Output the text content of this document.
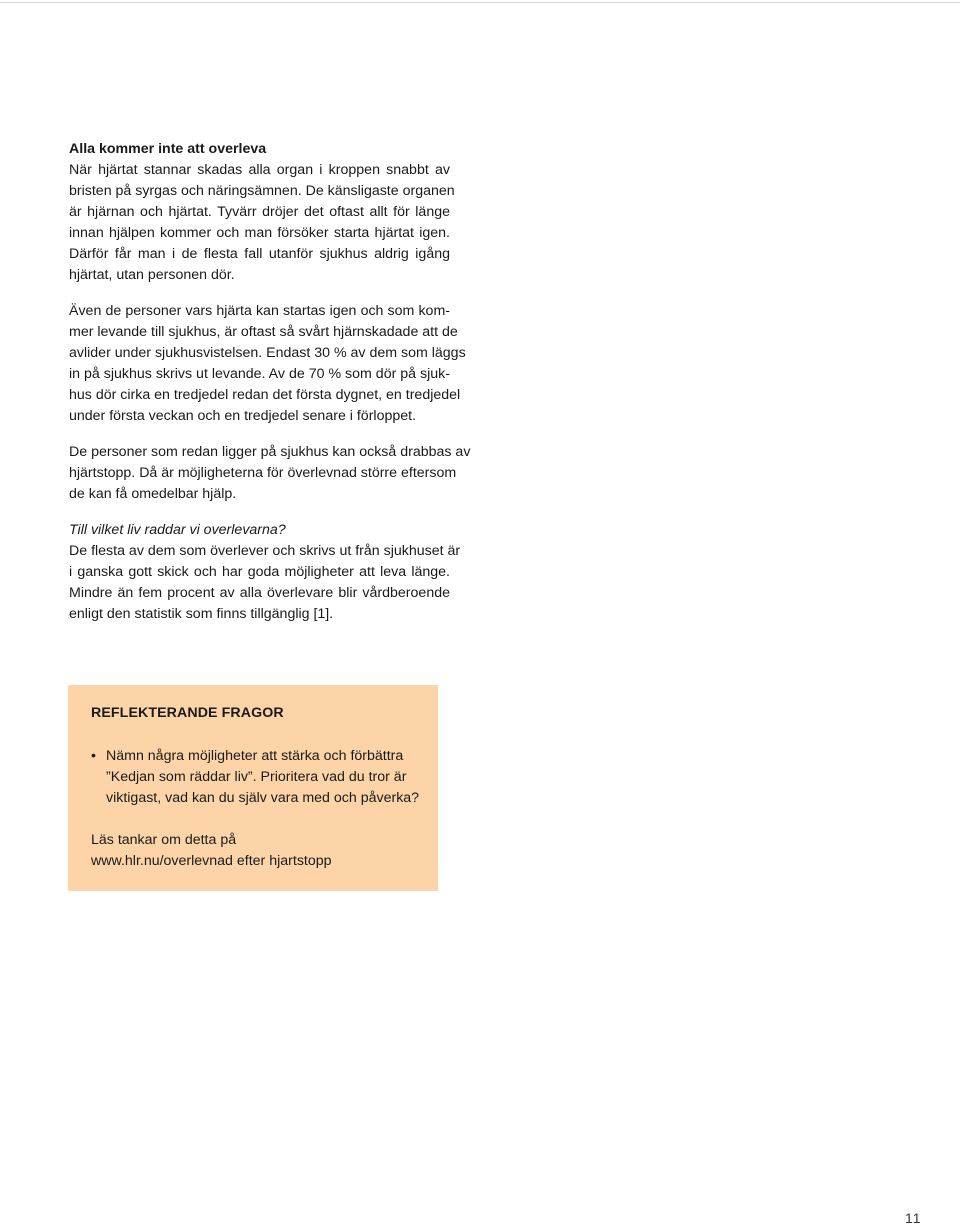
Alla kommer inte att overleva
När hjärtat stannar skadas alla organ i kroppen snabbt av
bristen på syrgas och näringsämnen. De känsligaste organen
är hjärnan och hjärtat. Tyvärr dröjer det oftast allt för länge
innan hjälpen kommer och man försöker starta hjärtat igen.
Därför får man i de flesta fall utanför sjukhus aldrig igång
hjärtat, utan personen dör.
Även de personer vars hjärta kan startas igen och som kom-
mer levande till sjukhus, är oftast så svårt hjärnskadade att de
avlider under sjukhusvistelsen. Endast 30 % av dem som läggs
in på sjukhus skrivs ut levande. Av de 70 % som dör på sjuk-
hus dör cirka en tredjedel redan det första dygnet, en tredjedel
under första veckan och en tredjedel senare i förloppet.
De personer som redan ligger på sjukhus kan också drabbas av
hjärtstopp. Då är möjligheterna för överlevnad större eftersom
de kan få omedelbar hjälp.
Till vilket liv raddar vi overlevarna?
De flesta av dem som överlever och skrivs ut från sjukhuset är
i ganska gott skick och har goda möjligheter att leva länge.
Mindre än fem procent av alla överlevare blir vårdberoende
enligt den statistik som finns tillgänglig [1].
REFLEKTERANDE FRAGOR
• Nämn några möjligheter att stärka och förbättra
”Kedjan som räddar liv”. Prioritera vad du tror är
viktigast, vad kan du själv vara med och påverka?
Läs tankar om detta på
www.hlr.nu/overlevnad efter hjartstopp
11
